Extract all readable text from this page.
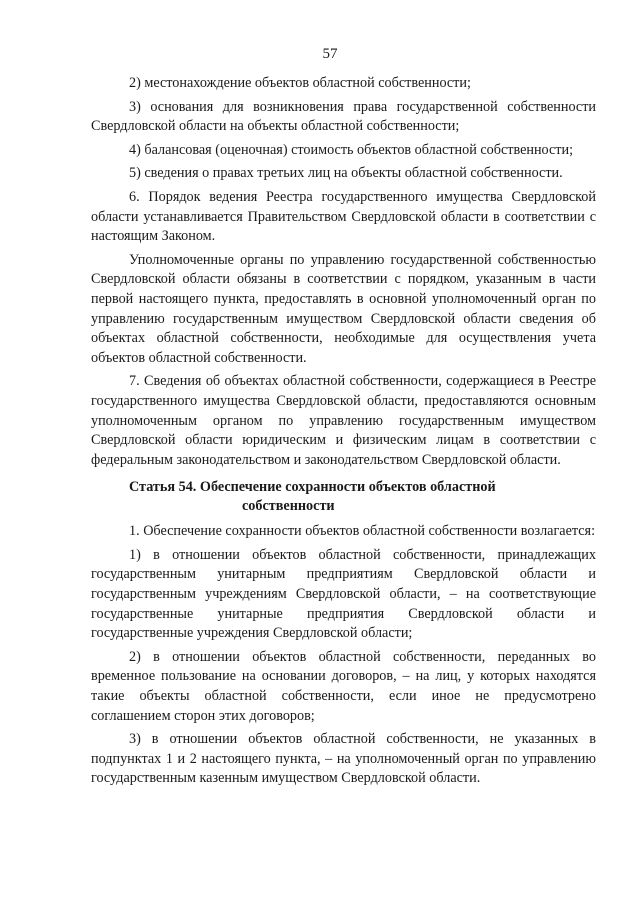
57

2) местонахождение объектов областной собственности;

3) основания для возникновения права государственной собственности Свердловской области на объекты областной собственности;

4) балансовая (оценочная) стоимость объектов областной собственности;

5) сведения о правах третьих лиц на объекты областной собственности.

6. Порядок ведения Реестра государственного имущества Свердловской области устанавливается Правительством Свердловской области в соответствии с настоящим Законом.

Уполномоченные органы по управлению государственной собственностью Свердловской области обязаны в соответствии с порядком, указанным в части первой настоящего пункта, предоставлять в основной уполномоченный орган по управлению государственным имуществом Свердловской области сведения об объектах областной собственности, необходимые для осуществления учета объектов областной собственности.

7. Сведения об объектах областной собственности, содержащиеся в Реестре государственного имущества Свердловской области, предоставляются основным уполномоченным органом по управлению государственным имуществом Свердловской области юридическим и физическим лицам в соответствии с федеральным законодательством и законодательством Свердловской области.

Статья 54. Обеспечение сохранности объектов областной
собственности

1. Обеспечение сохранности объектов областной собственности возлагается:

1) в отношении объектов областной собственности, принадлежащих государственным унитарным предприятиям Свердловской области и государственным учреждениям Свердловской области, – на соответствующие государственные унитарные предприятия Свердловской области и государственные учреждения Свердловской области;

2) в отношении объектов областной собственности, переданных во временное пользование на основании договоров, – на лиц, у которых находятся такие объекты областной собственности, если иное не предусмотрено соглашением сторон этих договоров;

3) в отношении объектов областной собственности, не указанных в подпунктах 1 и 2 настоящего пункта, – на уполномоченный орган по управлению государственным казенным имуществом Свердловской области.
